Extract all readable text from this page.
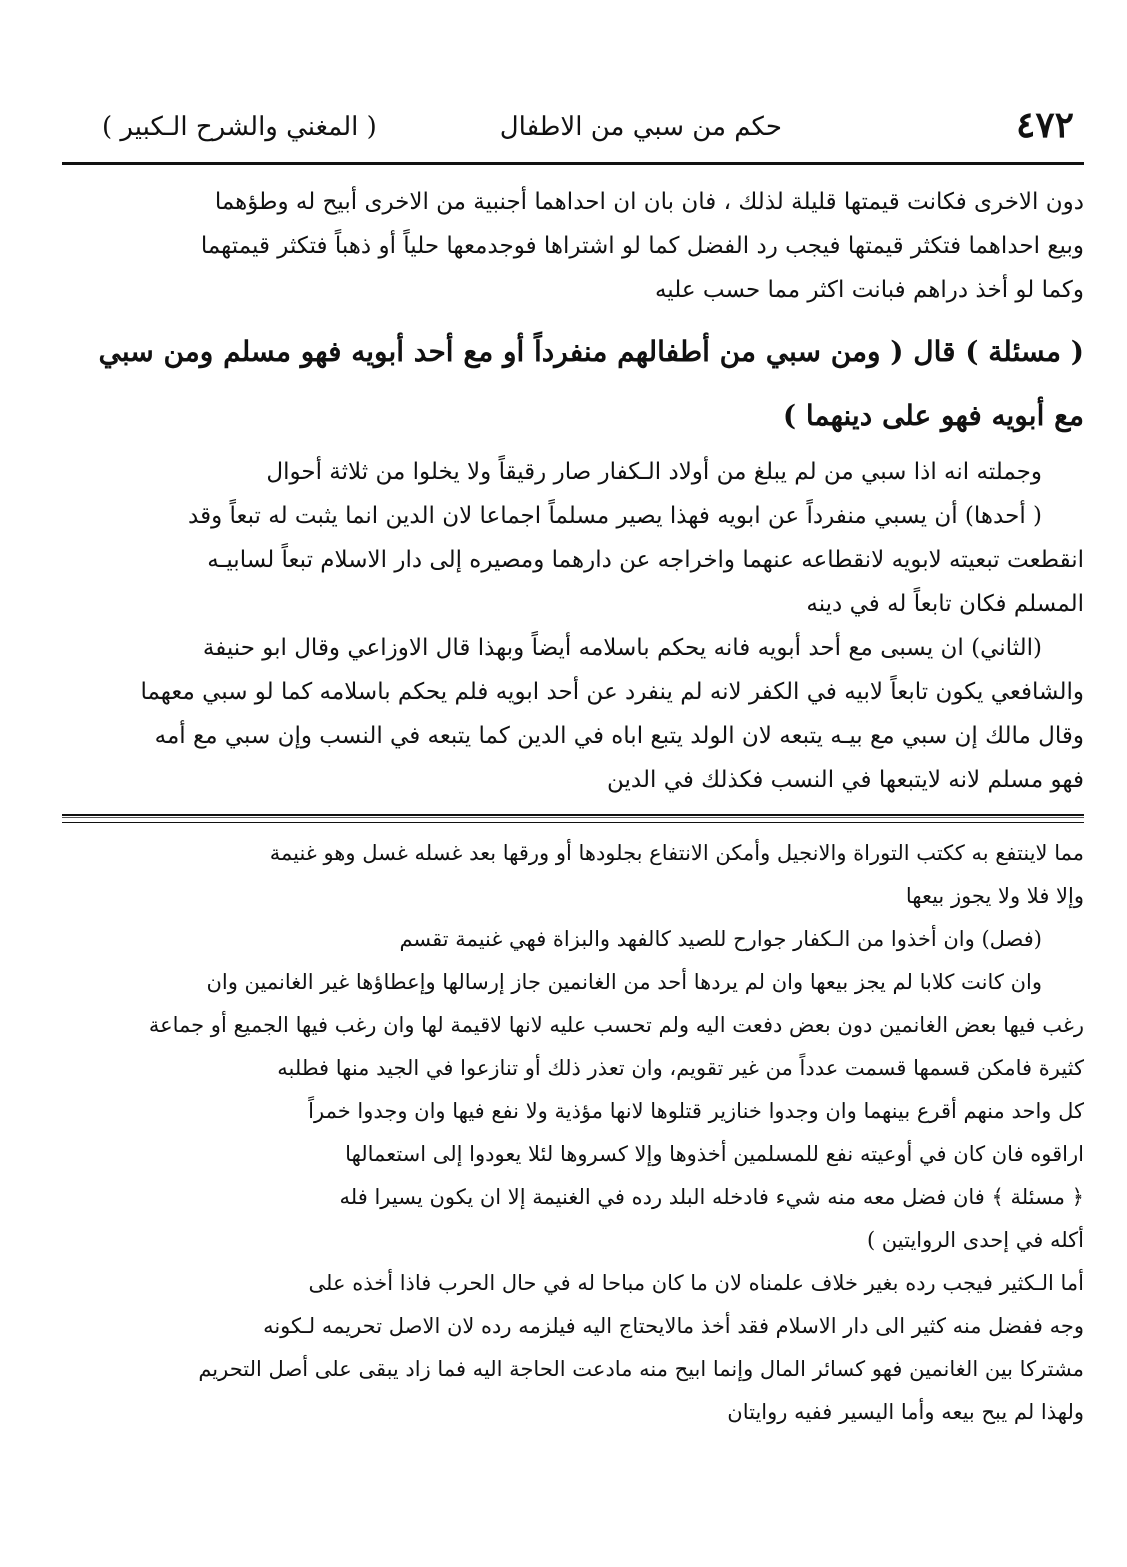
٤٧٢
حكم من سبي من الاطفال
( المغني والشرح الـكبير )
دون الاخرى فكانت قيمتها قليلة لذلك ، فان بان ان احداهما أجنبية من الاخرى أبيح له وطؤهما
وبيع احداهما فتكثر قيمتها فيجب رد الفضل كما لو اشتراها فوجدمعها حلياً أو ذهباً فتكثر قيمتهما
وكما لو أخذ دراهم فبانت اكثر مما حسب عليه
( مسئلة ) قال ( ومن سبي من أطفالهم منفرداً أو مع أحد أبويه فهو مسلم ومن سبي
مع أبويه فهو على دينهما )
وجملته انه اذا سبي من لم يبلغ من أولاد الـكفار صار رقيقاً ولا يخلوا من ثلاثة أحوال
( أحدها) أن يسبي منفرداً عن ابويه فهذا يصير مسلماً اجماعا لان الدين انما يثبت له تبعاً وقد
انقطعت تبعيته لابويه لانقطاعه عنهما واخراجه عن دارهما ومصيره إلى دار الاسلام تبعاً لسابيـه
المسلم فكان تابعاً له في دينه
(الثاني) ان يسبى مع أحد أبويه فانه يحكم باسلامه أيضاً وبهذا قال الاوزاعي وقال ابو حنيفة
والشافعي يكون تابعاً لابيه في الكفر لانه لم ينفرد عن أحد ابويه فلم يحكم باسلامه كما لو سبي معهما
وقال مالك إن سبي مع بيـه يتبعه لان الولد يتبع اباه في الدين كما يتبعه في النسب وإن سبي مع أمه
فهو مسلم لانه لايتبعها في النسب فكذلك في الدين
مما لاينتفع به ككتب التوراة والانجيل وأمكن الانتفاع بجلودها أو ورقها بعد غسله غسل وهو غنيمة
وإلا فلا ولا يجوز بيعها
(فصل) وان أخذوا من الـكفار جوارح للصيد كالفهد والبزاة فهي غنيمة تقسم
وان كانت كلابا لم يجز بيعها وان لم يردها أحد من الغانمين جاز إرسالها وإعطاؤها غير الغانمين وان
رغب فيها بعض الغانمين دون بعض دفعت اليه ولم تحسب عليه لانها لاقيمة لها وان رغب فيها الجميع أو جماعة
كثيرة فامكن قسمها قسمت عدداً من غير تقويم، وان تعذر ذلك أو تنازعوا في الجيد منها فطلبه
كل واحد منهم أقرع بينهما وان وجدوا خنازير قتلوها لانها مؤذية ولا نفع فيها وان وجدوا خمراً
اراقوه فان كان في أوعيته نفع للمسلمين أخذوها وإلا كسروها لئلا يعودوا إلى استعمالها
﴿ مسئلة ﴾ فان فضل معه منه شيء فادخله البلد رده في الغنيمة إلا ان يكون يسيرا فله
أكله في إحدى الروايتين )
أما الـكثير فيجب رده بغير خلاف علمناه لان ما كان مباحا له في حال الحرب فاذا أخذه على
وجه ففضل منه كثير الى دار الاسلام فقد أخذ مالايحتاج اليه فيلزمه رده لان الاصل تحريمه لـكونه
مشتركا بين الغانمين فهو كسائر المال وإنما ابيح منه مادعت الحاجة اليه فما زاد يبقى على أصل التحريم
ولهذا لم يبح بيعه وأما اليسير ففيه روايتان
